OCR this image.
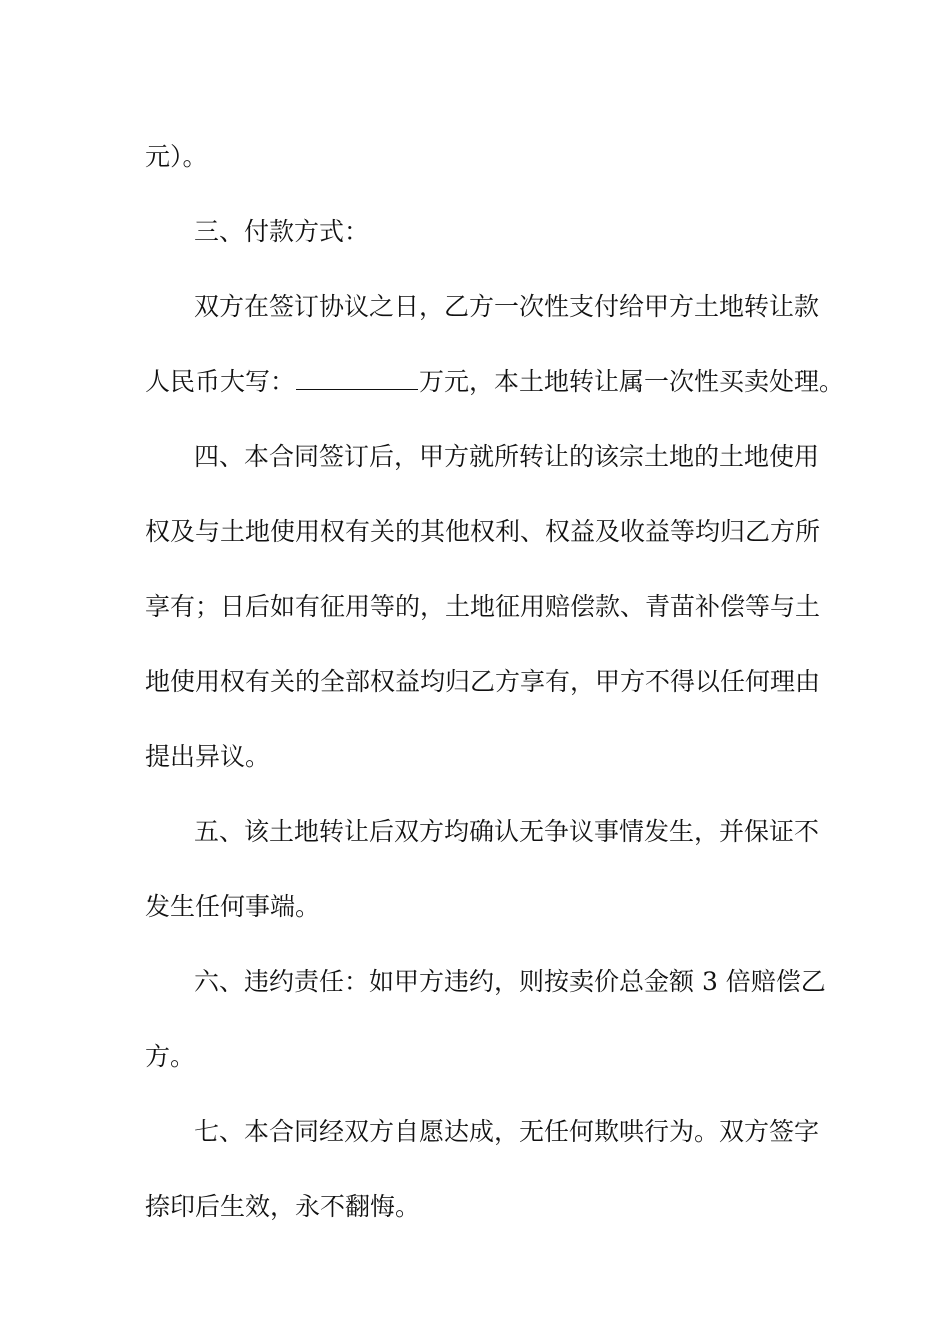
元）。
三、付款方式：
双方在签订协议之日，乙方一次性支付给甲方土地转让款
人民币大写：	万元，本土地转让属一次性买卖处理。
四、本合同签订后，甲方就所转让的该宗土地的土地使用
权及与土地使用权有关的其他权利、权益及收益等均归乙方所
享有；日后如有征用等的，土地征用赔偿款、青苗补偿等与土
地使用权有关的全部权益均归乙方享有，甲方不得以任何理由
提出异议。
五、该土地转让后双方均确认无争议事情发生，并保证不
发生任何事端。
六、违约责任：如甲方违约，则按卖价总金额 3 倍赔偿乙
方。
七、本合同经双方自愿达成，无任何欺哄行为。双方签字
捺印后生效，永不翻悔。
